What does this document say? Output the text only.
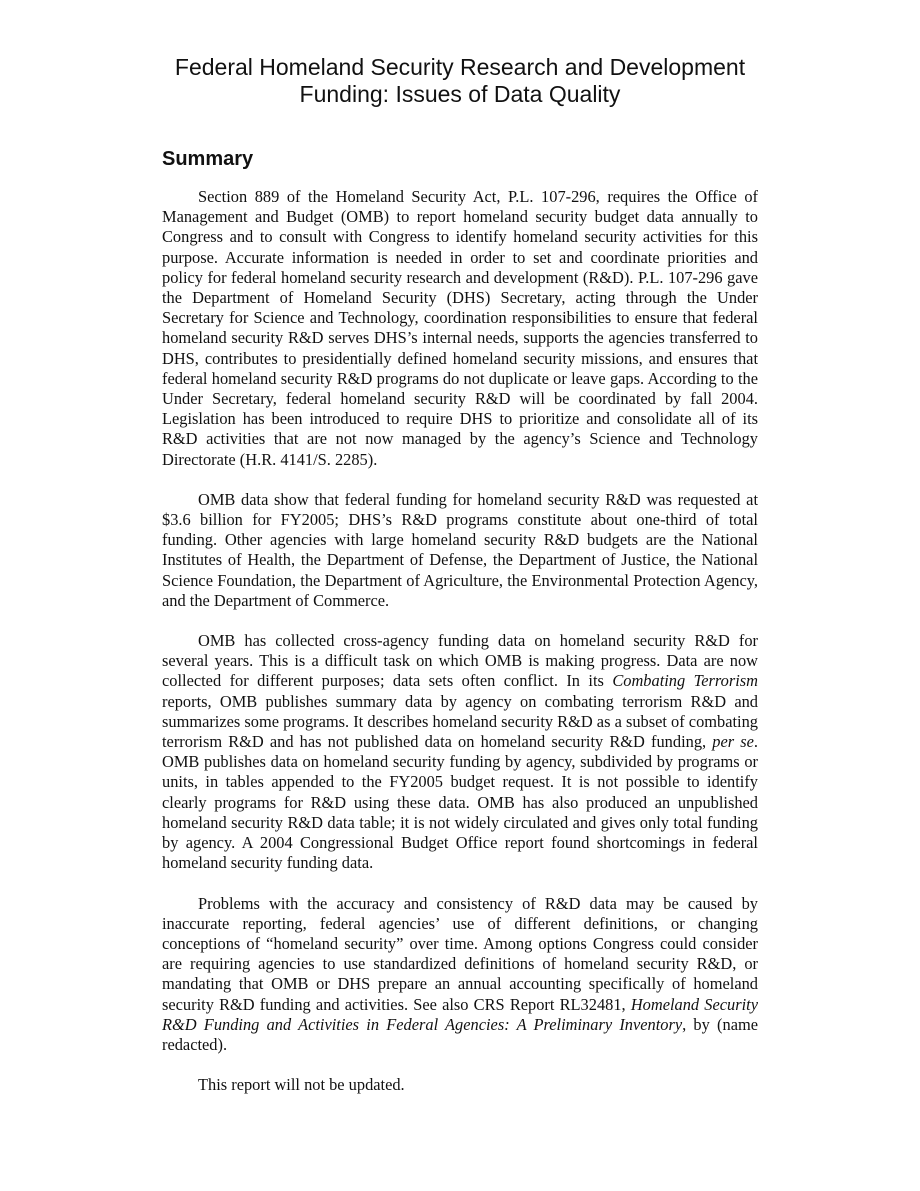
Federal Homeland Security Research and Development
Funding: Issues of Data Quality
Summary

Section 889 of the Homeland Security Act, P.L. 107-296, requires the Office of Management and Budget (OMB) to report homeland security budget data annually to Congress and to consult with Congress to identify homeland security activities for this purpose. Accurate information is needed in order to set and coordinate priorities and policy for federal homeland security research and development (R&D). P.L. 107-296 gave the Department of Homeland Security (DHS) Secretary, acting through the Under Secretary for Science and Technology, coordination responsibilities to ensure that federal homeland security R&D serves DHS’s internal needs, supports the agencies transferred to DHS, contributes to presidentially defined homeland security missions, and ensures that federal homeland security R&D programs do not duplicate or leave gaps. According to the Under Secretary, federal homeland security R&D will be coordinated by fall 2004. Legislation has been introduced to require DHS to prioritize and consolidate all of its R&D activities that are not now managed by the agency’s Science and Technology Directorate (H.R. 4141/S. 2285).

OMB data show that federal funding for homeland security R&D was requested at $3.6 billion for FY2005; DHS’s R&D programs constitute about one-third of total funding. Other agencies with large homeland security R&D budgets are the National Institutes of Health, the Department of Defense, the Department of Justice, the National Science Foundation, the Department of Agriculture, the Environmental Protection Agency, and the Department of Commerce.

OMB has collected cross-agency funding data on homeland security R&D for several years. This is a difficult task on which OMB is making progress. Data are now collected for different purposes; data sets often conflict. In its Combating Terrorism reports, OMB publishes summary data by agency on combating terrorism R&D and summarizes some programs. It describes homeland security R&D as a subset of combating terrorism R&D and has not published data on homeland security R&D funding, per se. OMB publishes data on homeland security funding by agency, subdivided by programs or units, in tables appended to the FY2005 budget request. It is not possible to identify clearly programs for R&D using these data. OMB has also produced an unpublished homeland security R&D data table; it is not widely circulated and gives only total funding by agency. A 2004 Congressional Budget Office report found shortcomings in federal homeland security funding data.

Problems with the accuracy and consistency of R&D data may be caused by inaccurate reporting, federal agencies’ use of different definitions, or changing conceptions of “homeland security” over time. Among options Congress could consider are requiring agencies to use standardized definitions of homeland security R&D, or mandating that OMB or DHS prepare an annual accounting specifically of homeland security R&D funding and activities. See also CRS Report RL32481, Homeland Security R&D Funding and Activities in Federal Agencies: A Preliminary Inventory, by (name redacted).

This report will not be updated.
